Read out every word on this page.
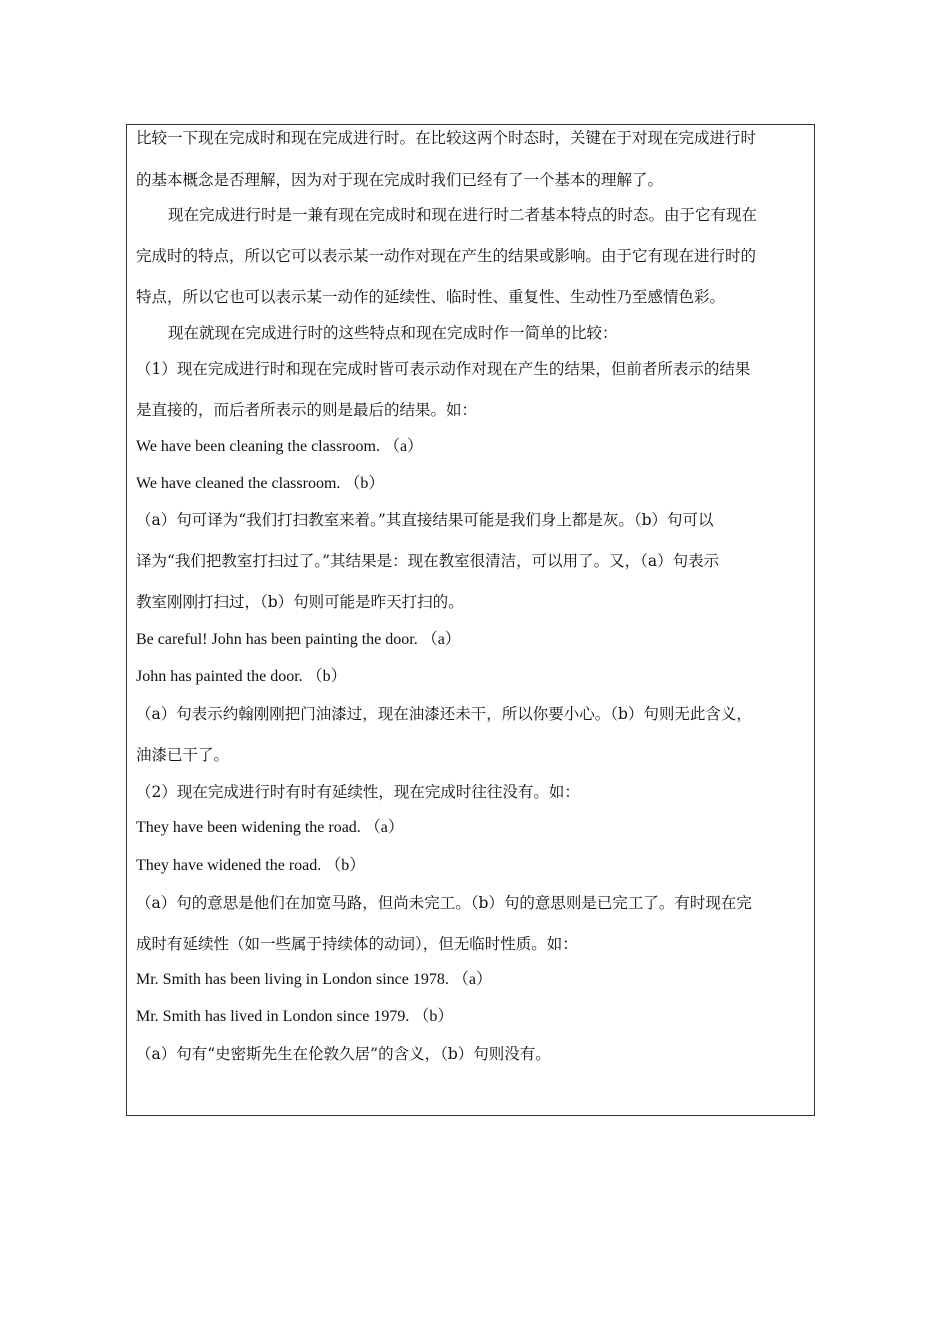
比较一下现在完成时和现在完成进行时。在比较这两个时态时，关键在于对现在完成进行时
的基本概念是否理解，因为对于现在完成时我们已经有了一个基本的理解了。
现在完成进行时是一兼有现在完成时和现在进行时二者基本特点的时态。由于它有现在
完成时的特点，所以它可以表示某一动作对现在产生的结果或影响。由于它有现在进行时的
特点，所以它也可以表示某一动作的延续性、临时性、重复性、生动性乃至感情色彩。
现在就现在完成进行时的这些特点和现在完成时作一简单的比较：
（1）现在完成进行时和现在完成时皆可表示动作对现在产生的结果，但前者所表示的结果
是直接的，而后者所表示的则是最后的结果。如：
We have been cleaning the classroom. （a）
We have cleaned the classroom. （b）
（a）句可译为“我们打扫教室来着。”其直接结果可能是我们身上都是灰。（b）句可以
译为“我们把教室打扫过了。”其结果是：现在教室很清洁，可以用了。又，（a）句表示
教室刚刚打扫过，（b）句则可能是昨天打扫的。
Be careful! John has been painting the door. （a）
John has painted the door. （b）
（a）句表示约翰刚刚把门油漆过，现在油漆还未干，所以你要小心。（b）句则无此含义，
油漆已干了。
（2）现在完成进行时有时有延续性，现在完成时往往没有。如：
They have been widening the road. （a）
They have widened the road. （b）
（a）句的意思是他们在加宽马路，但尚未完工。（b）句的意思则是已完工了。有时现在完
成时有延续性（如一些属于持续体的动词），但无临时性质。如：
Mr. Smith has been living in London since 1978. （a）
Mr. Smith has lived in London since 1979. （b）
（a）句有“史密斯先生在伦敦久居”的含义，（b）句则没有。
